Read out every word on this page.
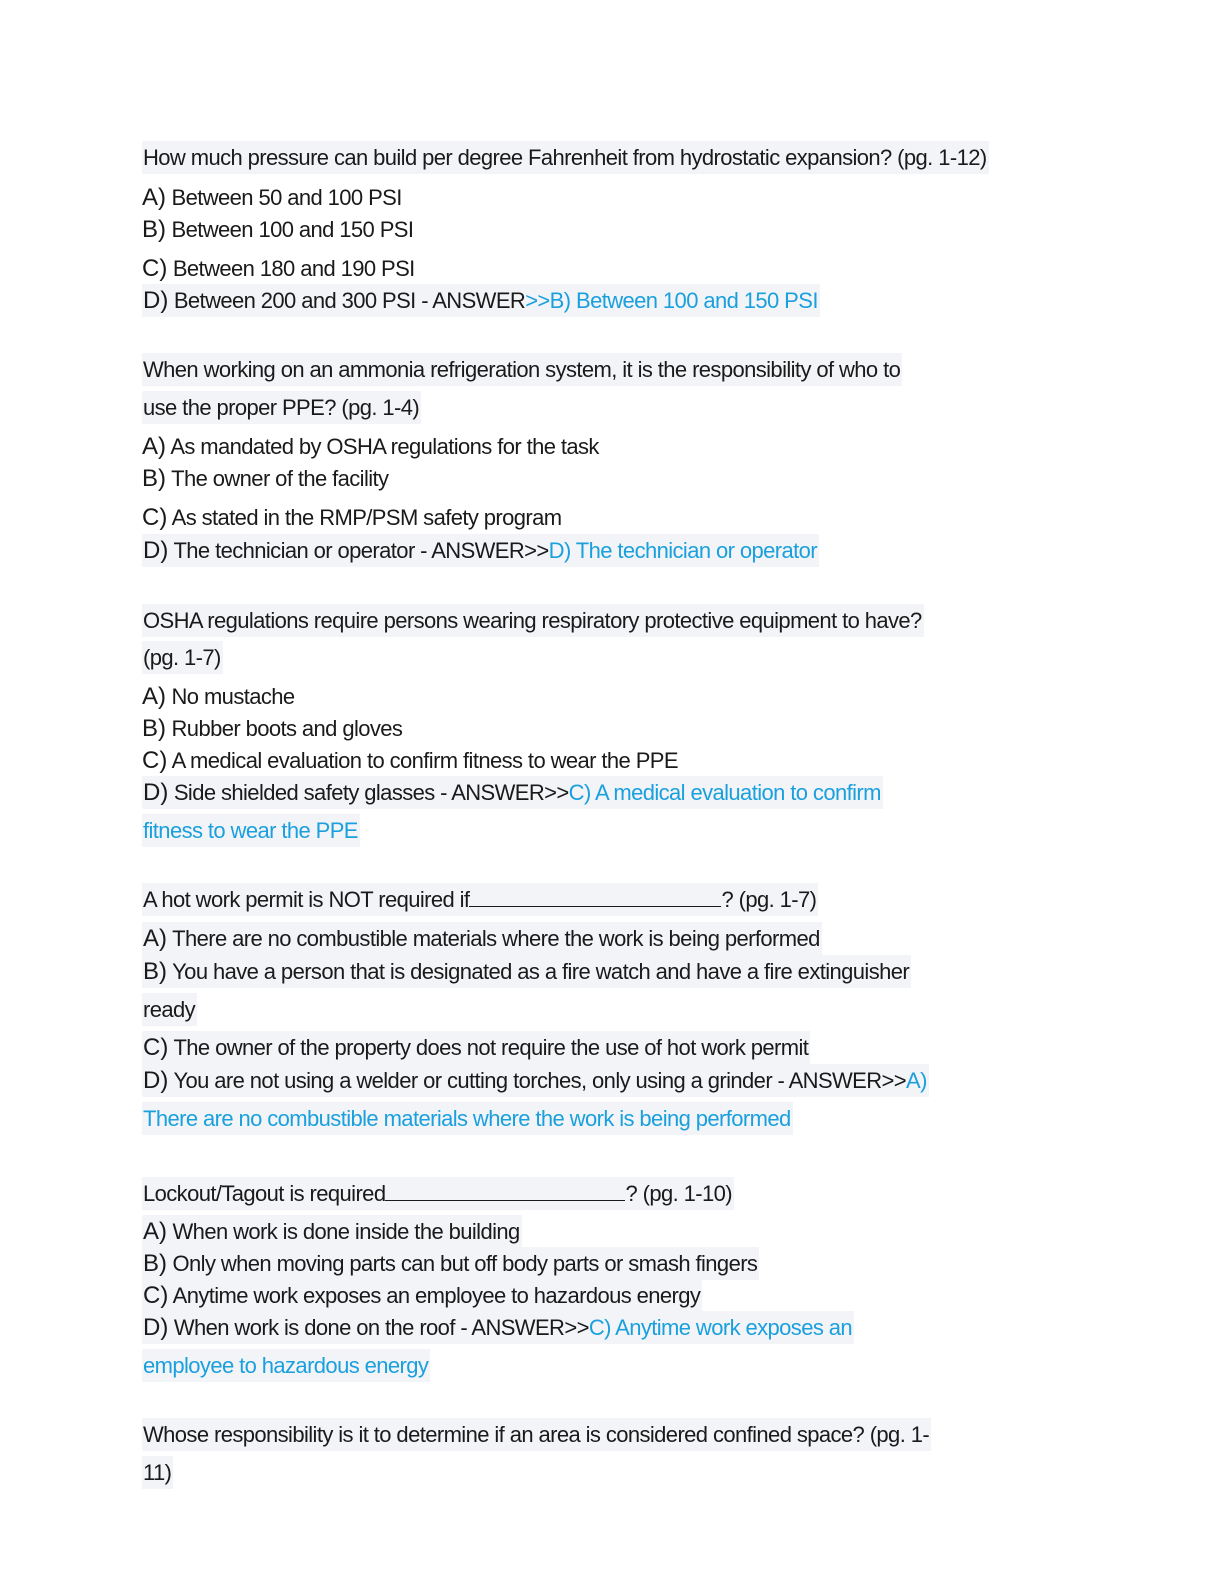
How much pressure can build per degree Fahrenheit from hydrostatic expansion? (pg. 1-12)
A) Between 50 and 100 PSI
B) Between 100 and 150 PSI
C) Between 180 and 190 PSI
D) Between 200 and 300 PSI - ANSWER>>B) Between 100 and 150 PSI
When working on an ammonia refrigeration system, it is the responsibility of who to
use the proper PPE? (pg. 1-4)
A) As mandated by OSHA regulations for the task
B) The owner of the facility
C) As stated in the RMP/PSM safety program
D) The technician or operator - ANSWER>>D) The technician or operator
OSHA regulations require persons wearing respiratory protective equipment to have?
(pg. 1-7)
A) No mustache
B) Rubber boots and gloves
C) A medical evaluation to confirm fitness to wear the PPE
D) Side shielded safety glasses - ANSWER>>C) A medical evaluation to confirm
fitness to wear the PPE
A hot work permit is NOT required if	? (pg. 1-7)
A) There are no combustible materials where the work is being performed
B) You have a person that is designated as a fire watch and have a fire extinguisher
ready
C) The owner of the property does not require the use of hot work permit
D) You are not using a welder or cutting torches, only using a grinder - ANSWER>>A)
There are no combustible materials where the work is being performed
Lockout/Tagout is required	? (pg. 1-10)
A) When work is done inside the building
B) Only when moving parts can but off body parts or smash fingers
C) Anytime work exposes an employee to hazardous energy
D) When work is done on the roof - ANSWER>>C) Anytime work exposes an
employee to hazardous energy
Whose responsibility is it to determine if an area is considered confined space? (pg. 1-
11)
